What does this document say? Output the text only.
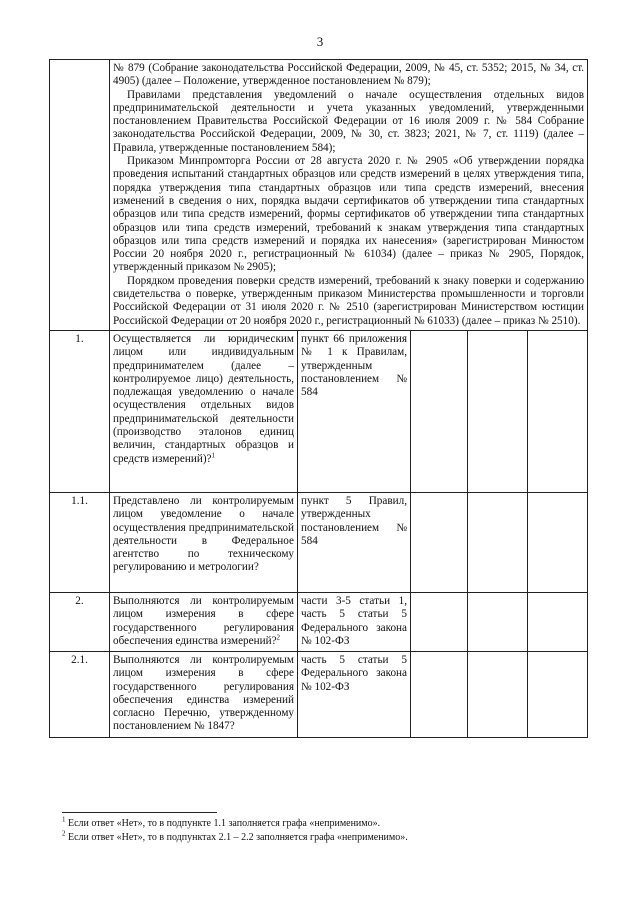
3

	№ 879 (Собрание законодательства Российской Федерации, 2009, № 45, ст. 5352; 2015, № 34, ст. 4905) (далее – Положение, утвержденное постановлением № 879);

Правилами представления уведомлений о начале осуществления отдельных видов предпринимательской деятельности и учета указанных уведомлений, утвержденными постановлением Правительства Российской Федерации от 16 июля 2009 г. № 584 Собрание законодательства Российской Федерации, 2009, № 30, ст. 3823; 2021, № 7, ст. 1119) (далее – Правила, утвержденные постановлением 584);

Приказом Минпромторга России от 28 августа 2020 г. № 2905 «Об утверждении порядка проведения испытаний стандартных образцов или средств измерений в целях утверждения типа, порядка утверждения типа стандартных образцов или типа средств измерений, внесения изменений в сведения о них, порядка выдачи сертификатов об утверждении типа стандартных образцов или типа средств измерений, формы сертификатов об утверждении типа стандартных образцов или типа средств измерений, требований к знакам утверждения типа стандартных образцов или типа средств измерений и порядка их нанесения» (зарегистрирован Минюстом России 20 ноября 2020 г., регистрационный № 61034) (далее – приказ № 2905, Порядок, утвержденный приказом № 2905);

Порядком проведения поверки средств измерений, требований к знаку поверки и содержанию свидетельства о поверке, утвержденным приказом Министерства промышленности и торговли Российской Федерации от 31 июля 2020 г. № 2510 (зарегистрирован Министерством юстиции Российской Федерации от 20 ноября 2020 г., регистрационный № 61033) (далее – приказ № 2510).				

1.	Осуществляется ли юридическим лицом или индивидуальным предпринимателем (далее – контролируемое лицо) деятельность, подлежащая уведомлению о начале осуществления отдельных видов предпринимательской деятельности (производство эталонов единиц величин, стандартных образцов и средств измерений)?$^1$	пункт 66 приложения № 1 к Правилам, утвержденным постановлением № 584			
1.1.	Представлено ли контролируемым лицом уведомление о начале осуществления предпринимательской деятельности в Федеральное агентство по техническому регулированию и метрологии?	пункт 5 Правил, утвержденных постановлением № 584			
2.	Выполняются ли контролируемым лицом измерения в сфере государственного регулирования обеспечения единства измерений?$^2$	части 3-5 статьи 1, часть 5 статьи 5 Федерального закона № 102-ФЗ			
2.1.	Выполняются ли контролируемым лицом измерения в сфере государственного регулирования обеспечения единства измерений согласно Перечню, утвержденному постановлением № 1847?	часть 5 статьи 5 Федерального закона № 102-ФЗ			

$^1$ Если ответ «Нет», то в подпункте 1.1 заполняется графа «неприменимо».

$^2$ Если ответ «Нет», то в подпунктах 2.1 – 2.2 заполняется графа «неприменимо».
